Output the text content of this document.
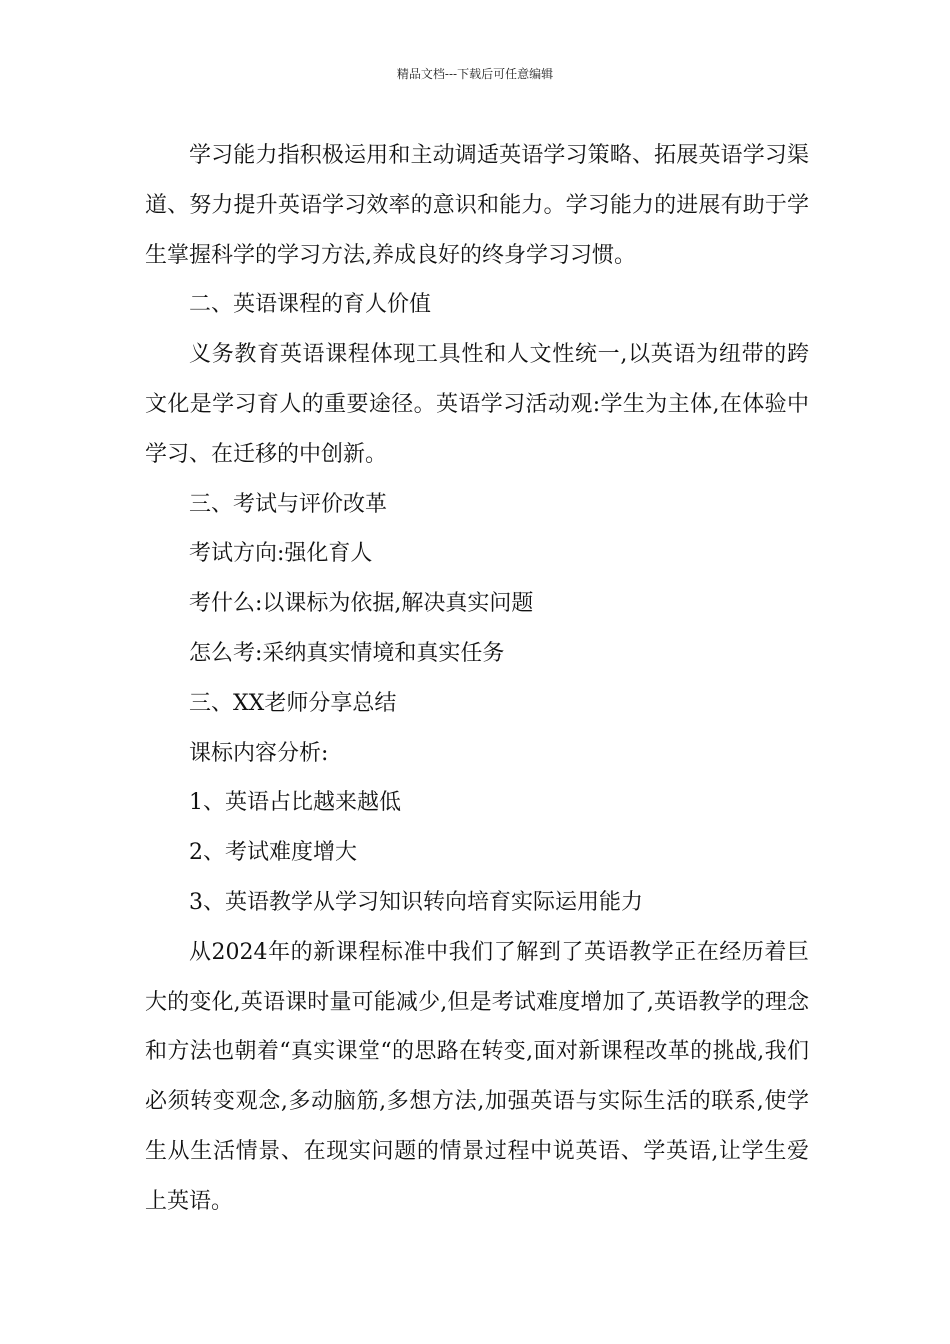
精品文档---下载后可任意编辑

学习能力指积极运用和主动调适英语学习策略、拓展英语学习渠道、努力提升英语学习效率的意识和能力。学习能力的进展有助于学生掌握科学的学习方法,养成良好的终身学习习惯。

二、英语课程的育人价值

义务教育英语课程体现工具性和人文性统一,以英语为纽带的跨文化是学习育人的重要途径。英语学习活动观:学生为主体,在体验中学习、在迁移的中创新。

三、考试与评价改革

考试方向:强化育人

考什么:以课标为依据,解决真实问题

怎么考:采纳真实情境和真实任务

三、XX老师分享总结

课标内容分析:

1、英语占比越来越低

2、考试难度增大

3、英语教学从学习知识转向培育实际运用能力

从2024年的新课程标准中我们了解到了英语教学正在经历着巨大的变化,英语课时量可能减少,但是考试难度增加了,英语教学的理念和方法也朝着“真实课堂“的思路在转变,面对新课程改革的挑战,我们必须转变观念,多动脑筋,多想方法,加强英语与实际生活的联系,使学生从生活情景、在现实问题的情景过程中说英语、学英语,让学生爱上英语。
